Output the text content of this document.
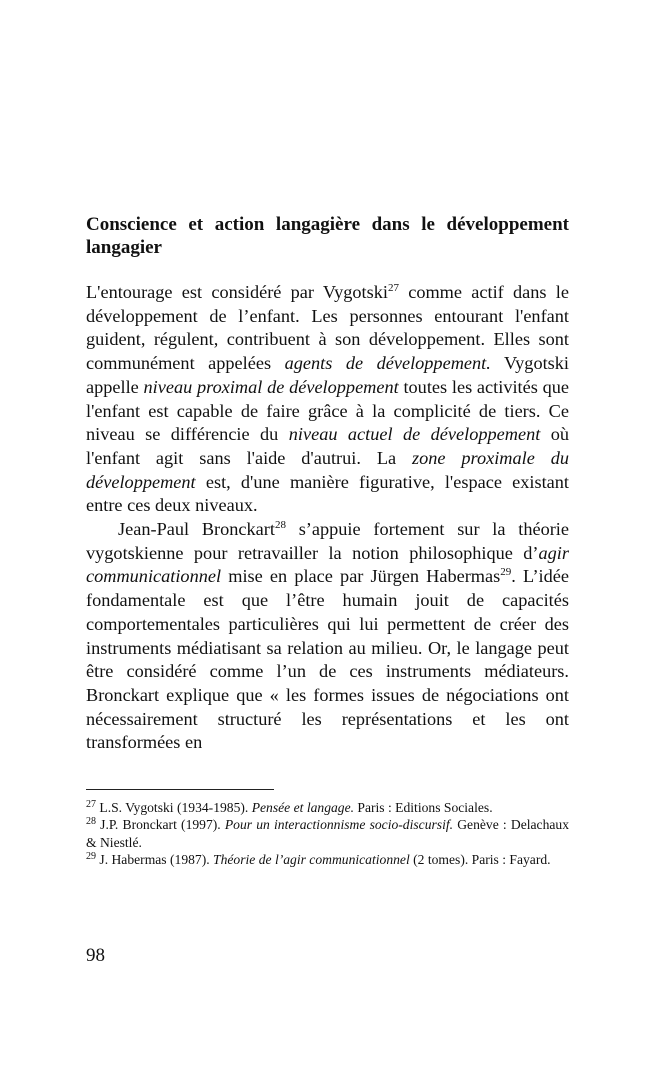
Conscience et action langagière dans le développement langagier

L'entourage est considéré par Vygotski$^{27}$ comme actif dans le développement de l’enfant. Les personnes entourant l'enfant guident, régulent, contribuent à son développement. Elles sont communément appelées agents de développement. Vygotski appelle niveau proximal de développement toutes les activités que l'enfant est capable de faire grâce à la complicité de tiers. Ce niveau se différencie du niveau actuel de développement où l'enfant agit sans l'aide d'autrui. La zone proximale du développement est, d'une manière figurative, l'espace existant entre ces deux niveaux.

Jean-Paul Bronckart$^{28}$ s’appuie fortement sur la théorie vygotskienne pour retravailler la notion philosophique d’agir communicationnel mise en place par Jürgen Habermas$^{29}$. L’idée fondamentale est que l’être humain jouit de capacités comportementales particulières qui lui permettent de créer des instruments médiatisant sa relation au milieu. Or, le langage peut être considéré comme l’un de ces instruments médiateurs. Bronckart explique que « les formes issues de négociations ont nécessairement structuré les représentations et les ont transformées en

$^{27}$ L.S. Vygotski (1934-1985). Pensée et langage. Paris : Editions Sociales.

$^{28}$ J.P. Bronckart (1997). Pour un interactionnisme socio-discursif. Genève : Delachaux & Niestlé.

$^{29}$ J. Habermas (1987). Théorie de l’agir communicationnel (2 tomes). Paris : Fayard.

98
